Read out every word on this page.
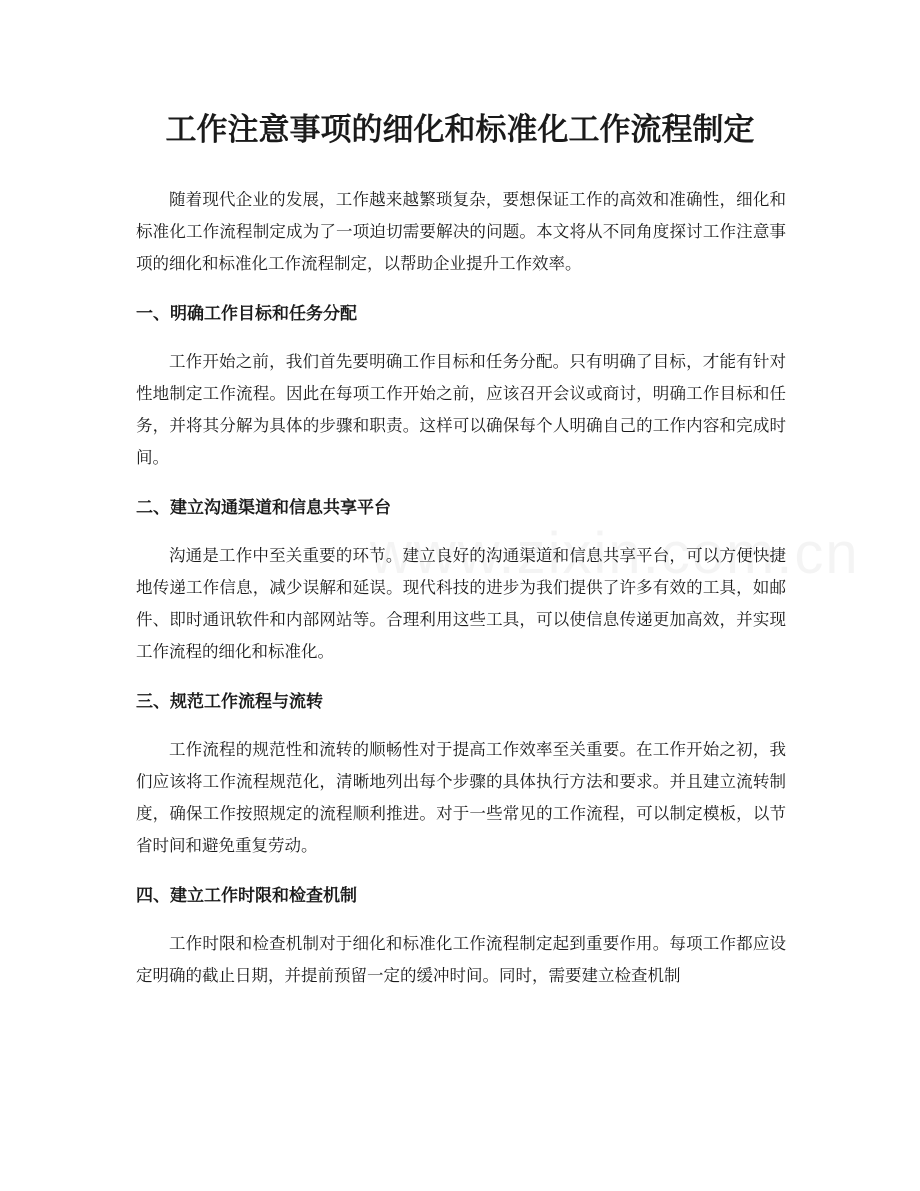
工作注意事项的细化和标准化工作流程制定

随着现代企业的发展，工作越来越繁琐复杂，要想保证工作的高效和准确性，细化和标准化工作流程制定成为了一项迫切需要解决的问题。本文将从不同角度探讨工作注意事项的细化和标准化工作流程制定，以帮助企业提升工作效率。

一、明确工作目标和任务分配

工作开始之前，我们首先要明确工作目标和任务分配。只有明确了目标，才能有针对性地制定工作流程。因此在每项工作开始之前，应该召开会议或商讨，明确工作目标和任务，并将其分解为具体的步骤和职责。这样可以确保每个人明确自己的工作内容和完成时间。

二、建立沟通渠道和信息共享平台

沟通是工作中至关重要的环节。建立良好的沟通渠道和信息共享平台，可以方便快捷地传递工作信息，减少误解和延误。现代科技的进步为我们提供了许多有效的工具，如邮件、即时通讯软件和内部网站等。合理利用这些工具，可以使信息传递更加高效，并实现工作流程的细化和标准化。

三、规范工作流程与流转

工作流程的规范性和流转的顺畅性对于提高工作效率至关重要。在工作开始之初，我们应该将工作流程规范化，清晰地列出每个步骤的具体执行方法和要求。并且建立流转制度，确保工作按照规定的流程顺利推进。对于一些常见的工作流程，可以制定模板，以节省时间和避免重复劳动。

四、建立工作时限和检查机制

工作时限和检查机制对于细化和标准化工作流程制定起到重要作用。每项工作都应设定明确的截止日期，并提前预留一定的缓冲时间。同时，需要建立检查机制
